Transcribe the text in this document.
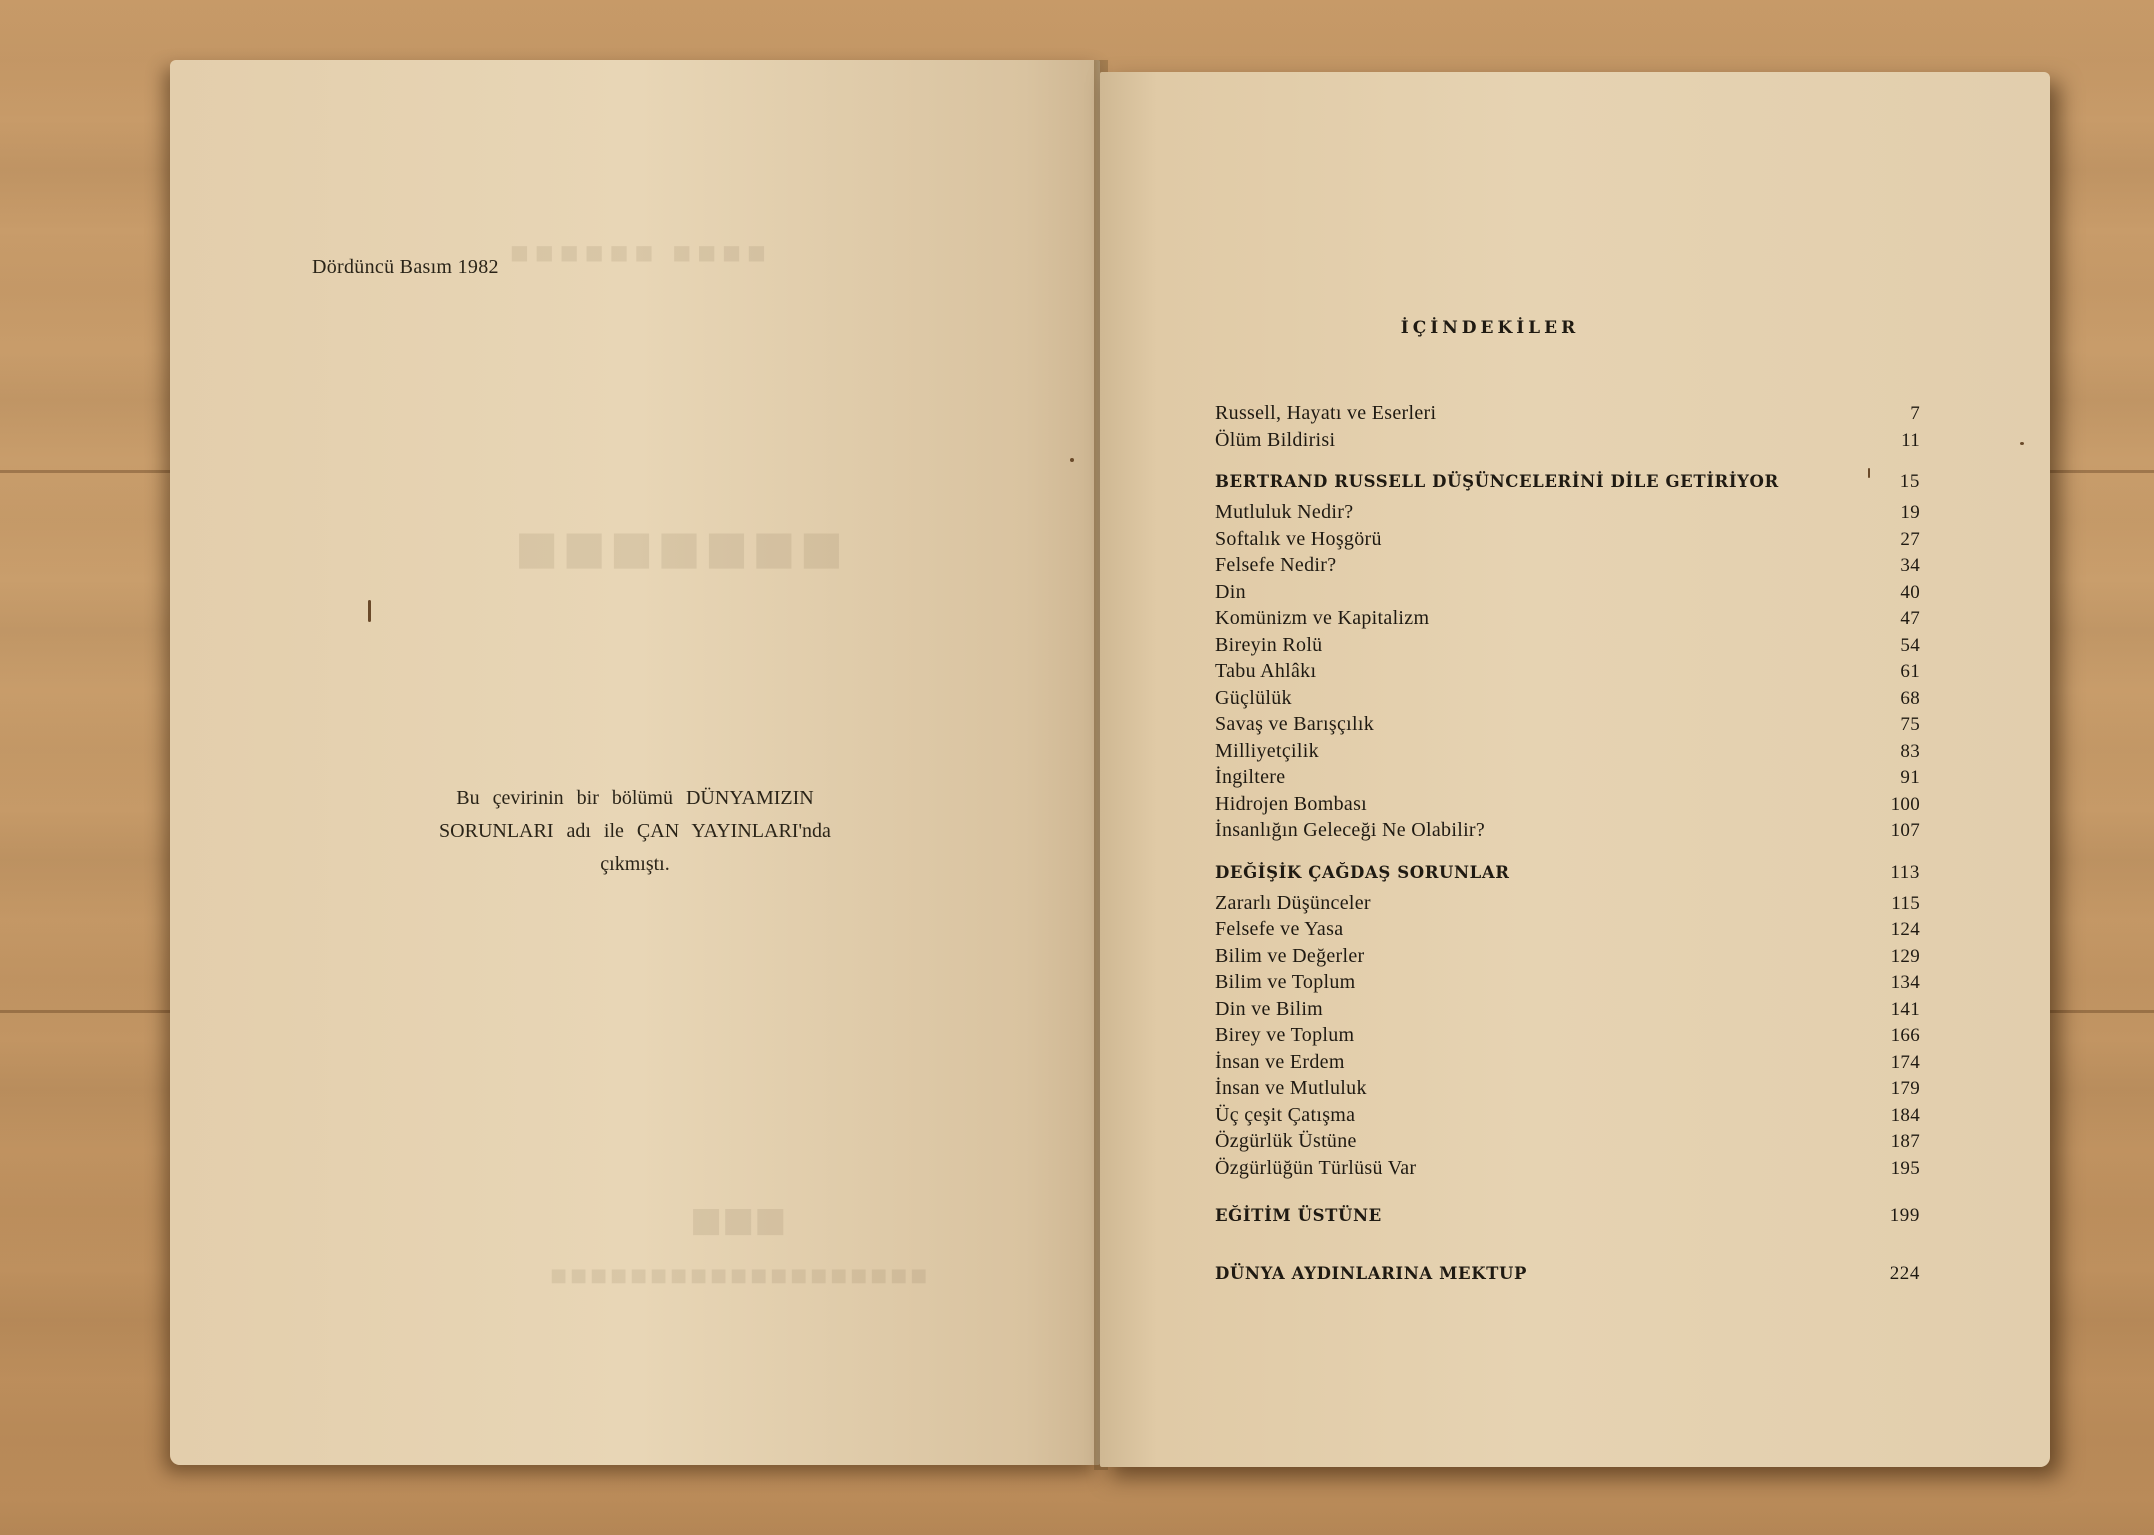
■■■■■■ ■■■■
■■■■■■■
■■■
■■■■■■■■■■■■■■■■■■■
Dördüncü Basım 1982
Bu çevirinin bir bölümü DÜNYAMIZIN
SORUNLARI adı ile ÇAN YAYINLARI'nda
çıkmıştı.
İÇİNDEKİLER
Russell, Hayatı ve Eserleri	7
Ölüm Bildirisi	11
BERTRAND RUSSELL DÜŞÜNCELERİNİ DİLE GETİRİYOR	15
Mutluluk Nedir?	19
Softalık ve Hoşgörü	27
Felsefe Nedir?	34
Din	40
Komünizm ve Kapitalizm	47
Bireyin Rolü	54
Tabu Ahlâkı	61
Güçlülük	68
Savaş ve Barışçılık	75
Milliyetçilik	83
İngiltere	91
Hidrojen Bombası	100
İnsanlığın Geleceği Ne Olabilir?	107
DEĞİŞİK ÇAĞDAŞ SORUNLAR	113
Zararlı Düşünceler	115
Felsefe ve Yasa	124
Bilim ve Değerler	129
Bilim ve Toplum	134
Din ve Bilim	141
Birey ve Toplum	166
İnsan ve Erdem	174
İnsan ve Mutluluk	179
Üç çeşit Çatışma	184
Özgürlük Üstüne	187
Özgürlüğün Türlüsü Var	195
EĞİTİM ÜSTÜNE	199
DÜNYA AYDINLARINA MEKTUP	224
